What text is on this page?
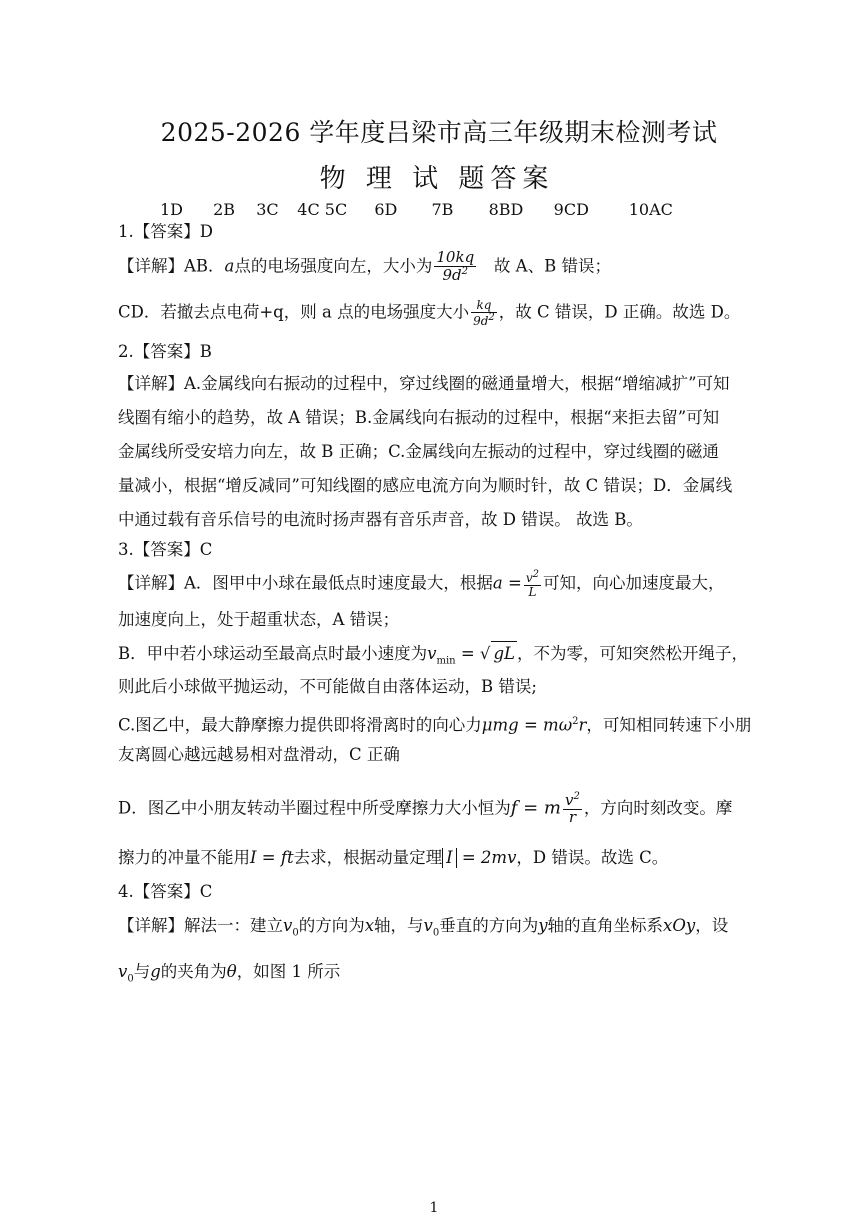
2025-2026 学年度吕梁市高三年级期末检测考试
物 理 试 题答案
1D 2B 3C 4C 5C 6D 7B 8BD 9CD 10AC
1.【答案】D
【详解】AB．a点的电场强度向左，大小为 $\frac{10kq}{9d^2}$ 故 A、B 错误；
CD．若撤去点电荷+q，则 a 点的电场强度大小 $\frac{kq}{9d^2}$ ，故 C 错误，D 正确。故选 D。
2.【答案】B
【详解】A.金属线向右振动的过程中，穿过线圈的磁通量增大，根据“增缩减扩”可知
线圈有缩小的趋势，故 A 错误；B.金属线向右振动的过程中，根据“来拒去留”可知
金属线所受安培力向左，故 B 正确；C.金属线向左振动的过程中，穿过线圈的磁通
量减小，根据“增反减同”可知线圈的感应电流方向为顺时针，故 C 错误；D．金属线
中通过载有音乐信号的电流时扬声器有音乐声音，故 D 错误。 故选 B。
3.【答案】C
【详解】A．图甲中小球在最低点时速度最大，根据$a = \frac{v^2}{L}$ 可知，向心加速度最大，
加速度向上，处于超重状态，A 错误；
B．甲中若小球运动至最高点时最小速度为$v_{min}$ = √ gL ，不为零，可知突然松开绳子，
则此后小球做平抛运动，不可能做自由落体运动，B 错误;
C.图乙中，最大静摩擦力提供即将滑离时的向心力$\mu mg = m\omega^2r$，可知相同转速下小朋
友离圆心越远越易相对盘滑动，C 正确
D．图乙中小朋友转动半圈过程中所受摩擦力大小恒为f = m $\frac{v^2}{r}$ ，方向时刻改变。摩
擦力的冲量不能用I = ft去求，根据动量定理 I = 2mv，D 错误。故选 C。
4.【答案】C
【详解】解法一：建立$v_0$的方向为x轴，与$v_0$垂直的方向为y轴的直角坐标系xOy，设
$v_0$与g的夹角为θ，如图 1 所示
1
